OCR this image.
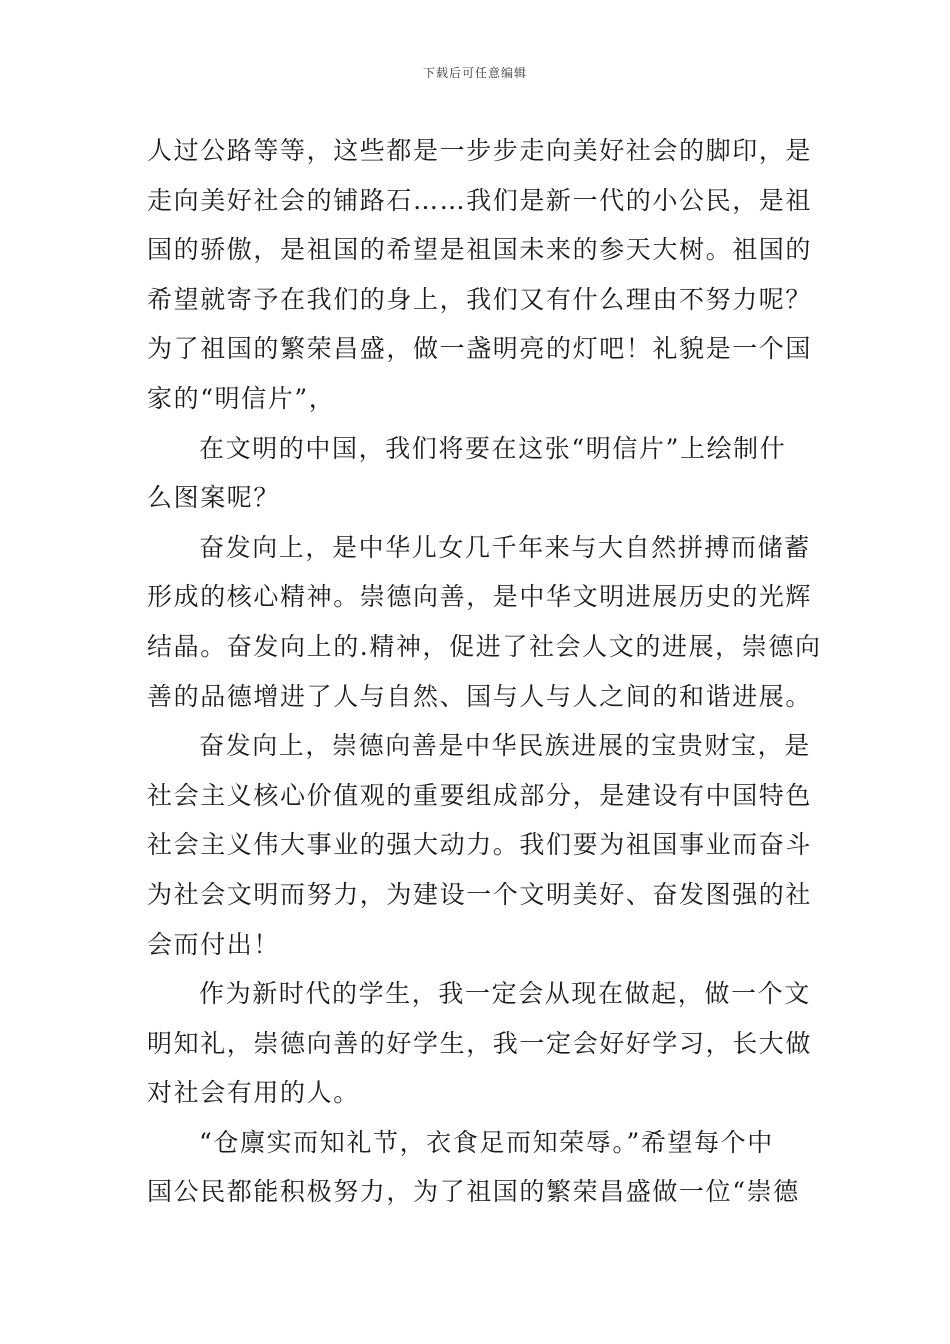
下载后可任意编辑
人过公路等等，这些都是一步步走向美好社会的脚印，是
走向美好社会的铺路石……我们是新一代的小公民，是祖
国的骄傲，是祖国的希望是祖国未来的参天大树。祖国的
希望就寄予在我们的身上，我们又有什么理由不努力呢？
为了祖国的繁荣昌盛，做一盏明亮的灯吧！礼貌是一个国
家的“明信片”，
在文明的中国，我们将要在这张“明信片”上绘制什
么图案呢？
奋发向上，是中华儿女几千年来与大自然拼搏而储蓄
形成的核心精神。崇德向善，是中华文明进展历史的光辉
结晶。奋发向上的.精神，促进了社会人文的进展，崇德向
善的品德增进了人与自然、国与人与人之间的和谐进展。
奋发向上，崇德向善是中华民族进展的宝贵财宝，是
社会主义核心价值观的重要组成部分，是建设有中国特色
社会主义伟大事业的强大动力。我们要为祖国事业而奋斗
为社会文明而努力，为建设一个文明美好、奋发图强的社
会而付出！
作为新时代的学生，我一定会从现在做起，做一个文
明知礼，崇德向善的好学生，我一定会好好学习，长大做
对社会有用的人。
“仓廪实而知礼节，衣食足而知荣辱。”希望每个中
国公民都能积极努力，为了祖国的繁荣昌盛做一位“崇德
